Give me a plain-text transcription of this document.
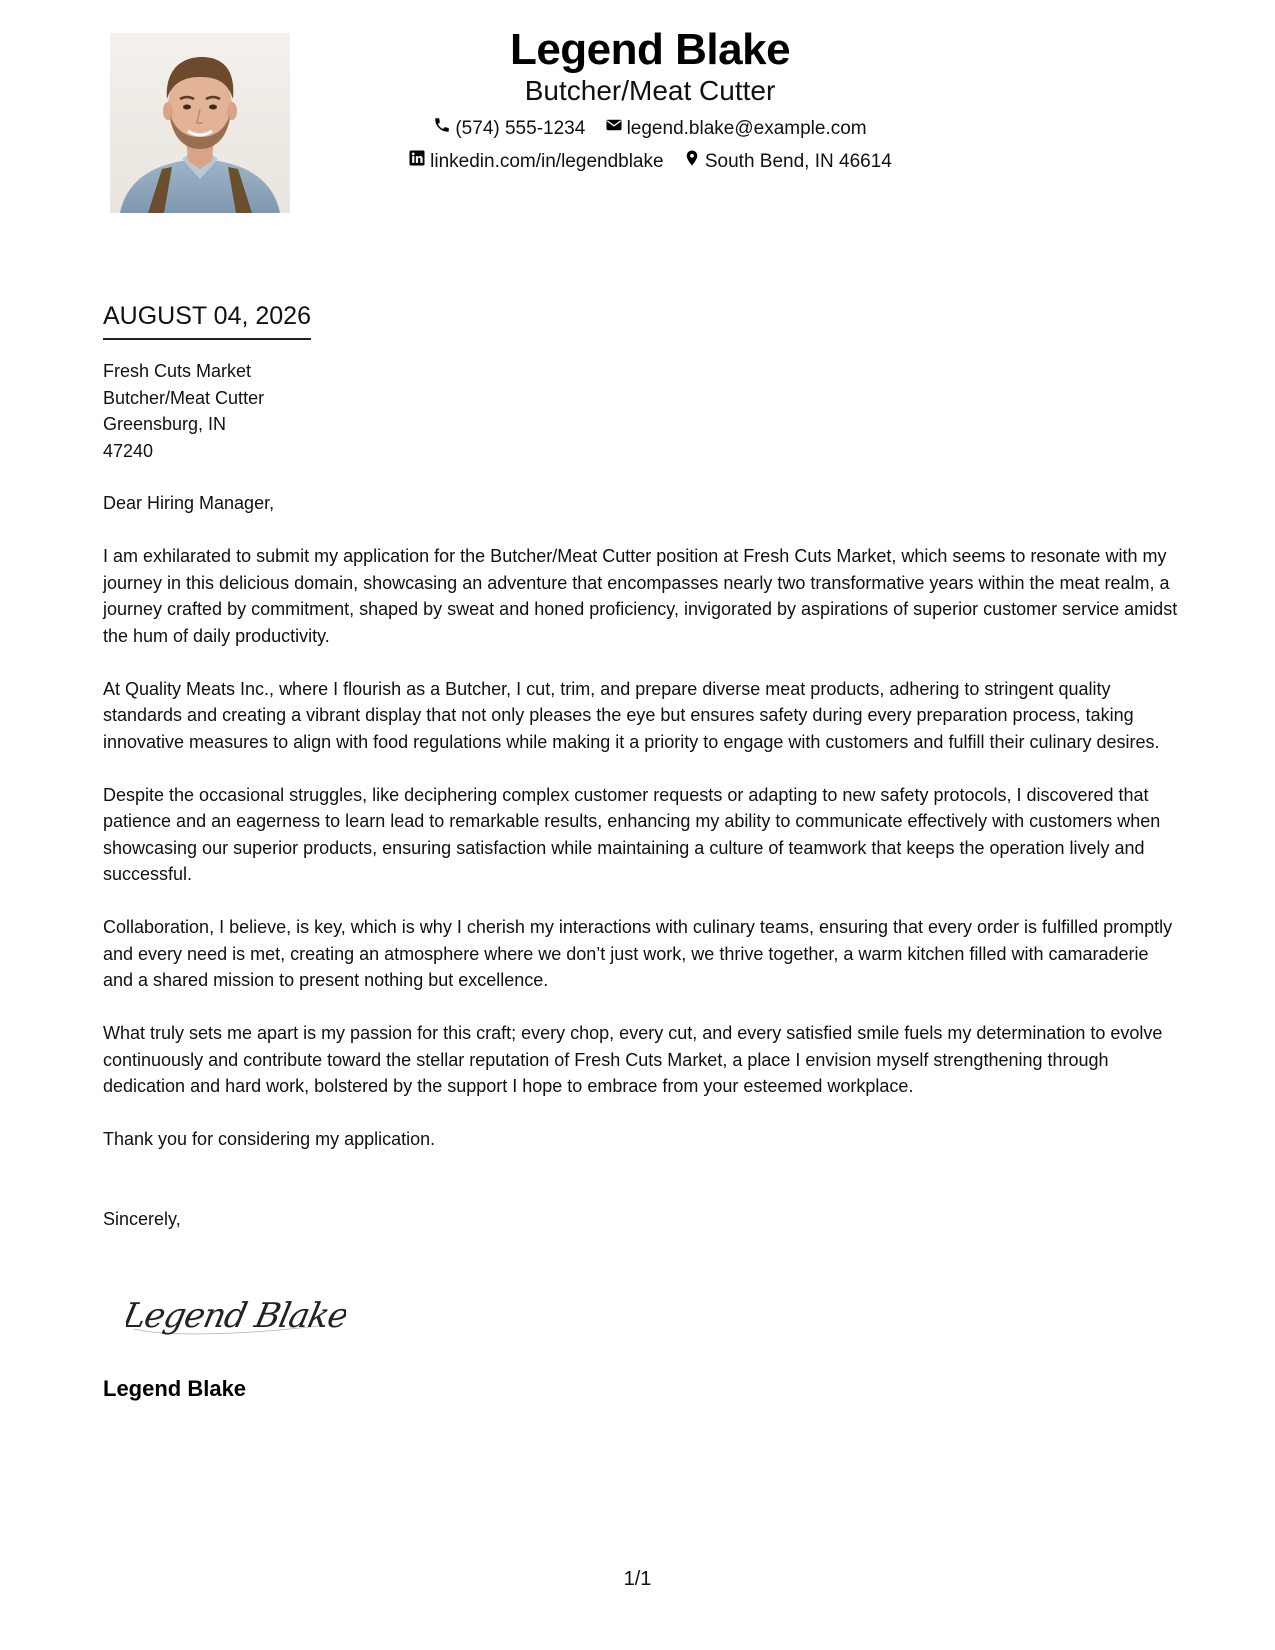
Legend Blake
Butcher/Meat Cutter
(574) 555-1234
legend.blake@example.com
linkedin.com/in/legendblake
South Bend, IN 46614
AUGUST 04, 2026
Fresh Cuts Market
Butcher/Meat Cutter
Greensburg, IN
47240

Dear Hiring Manager,

I am exhilarated to submit my application for the Butcher/Meat Cutter position at Fresh Cuts Market, which seems to resonate with my journey in this delicious domain, showcasing an adventure that encompasses nearly two transformative years within the meat realm, a journey crafted by commitment, shaped by sweat and honed proficiency, invigorated by aspirations of superior customer service amidst the hum of daily productivity.

At Quality Meats Inc., where I flourish as a Butcher, I cut, trim, and prepare diverse meat products, adhering to stringent quality standards and creating a vibrant display that not only pleases the eye but ensures safety during every preparation process, taking innovative measures to align with food regulations while making it a priority to engage with customers and fulfill their culinary desires.

Despite the occasional struggles, like deciphering complex customer requests or adapting to new safety protocols, I discovered that patience and an eagerness to learn lead to remarkable results, enhancing my ability to communicate effectively with customers when showcasing our superior products, ensuring satisfaction while maintaining a culture of teamwork that keeps the operation lively and successful.

Collaboration, I believe, is key, which is why I cherish my interactions with culinary teams, ensuring that every order is fulfilled promptly and every need is met, creating an atmosphere where we don’t just work, we thrive together, a warm kitchen filled with camaraderie and a shared mission to present nothing but excellence.

What truly sets me apart is my passion for this craft; every chop, every cut, and every satisfied smile fuels my determination to evolve continuously and contribute toward the stellar reputation of Fresh Cuts Market, a place I envision myself strengthening through dedication and hard work, bolstered by the support I hope to embrace from your esteemed workplace.

Thank you for considering my application.

Sincerely,

Legend Blake
Legend Blake
1/1
